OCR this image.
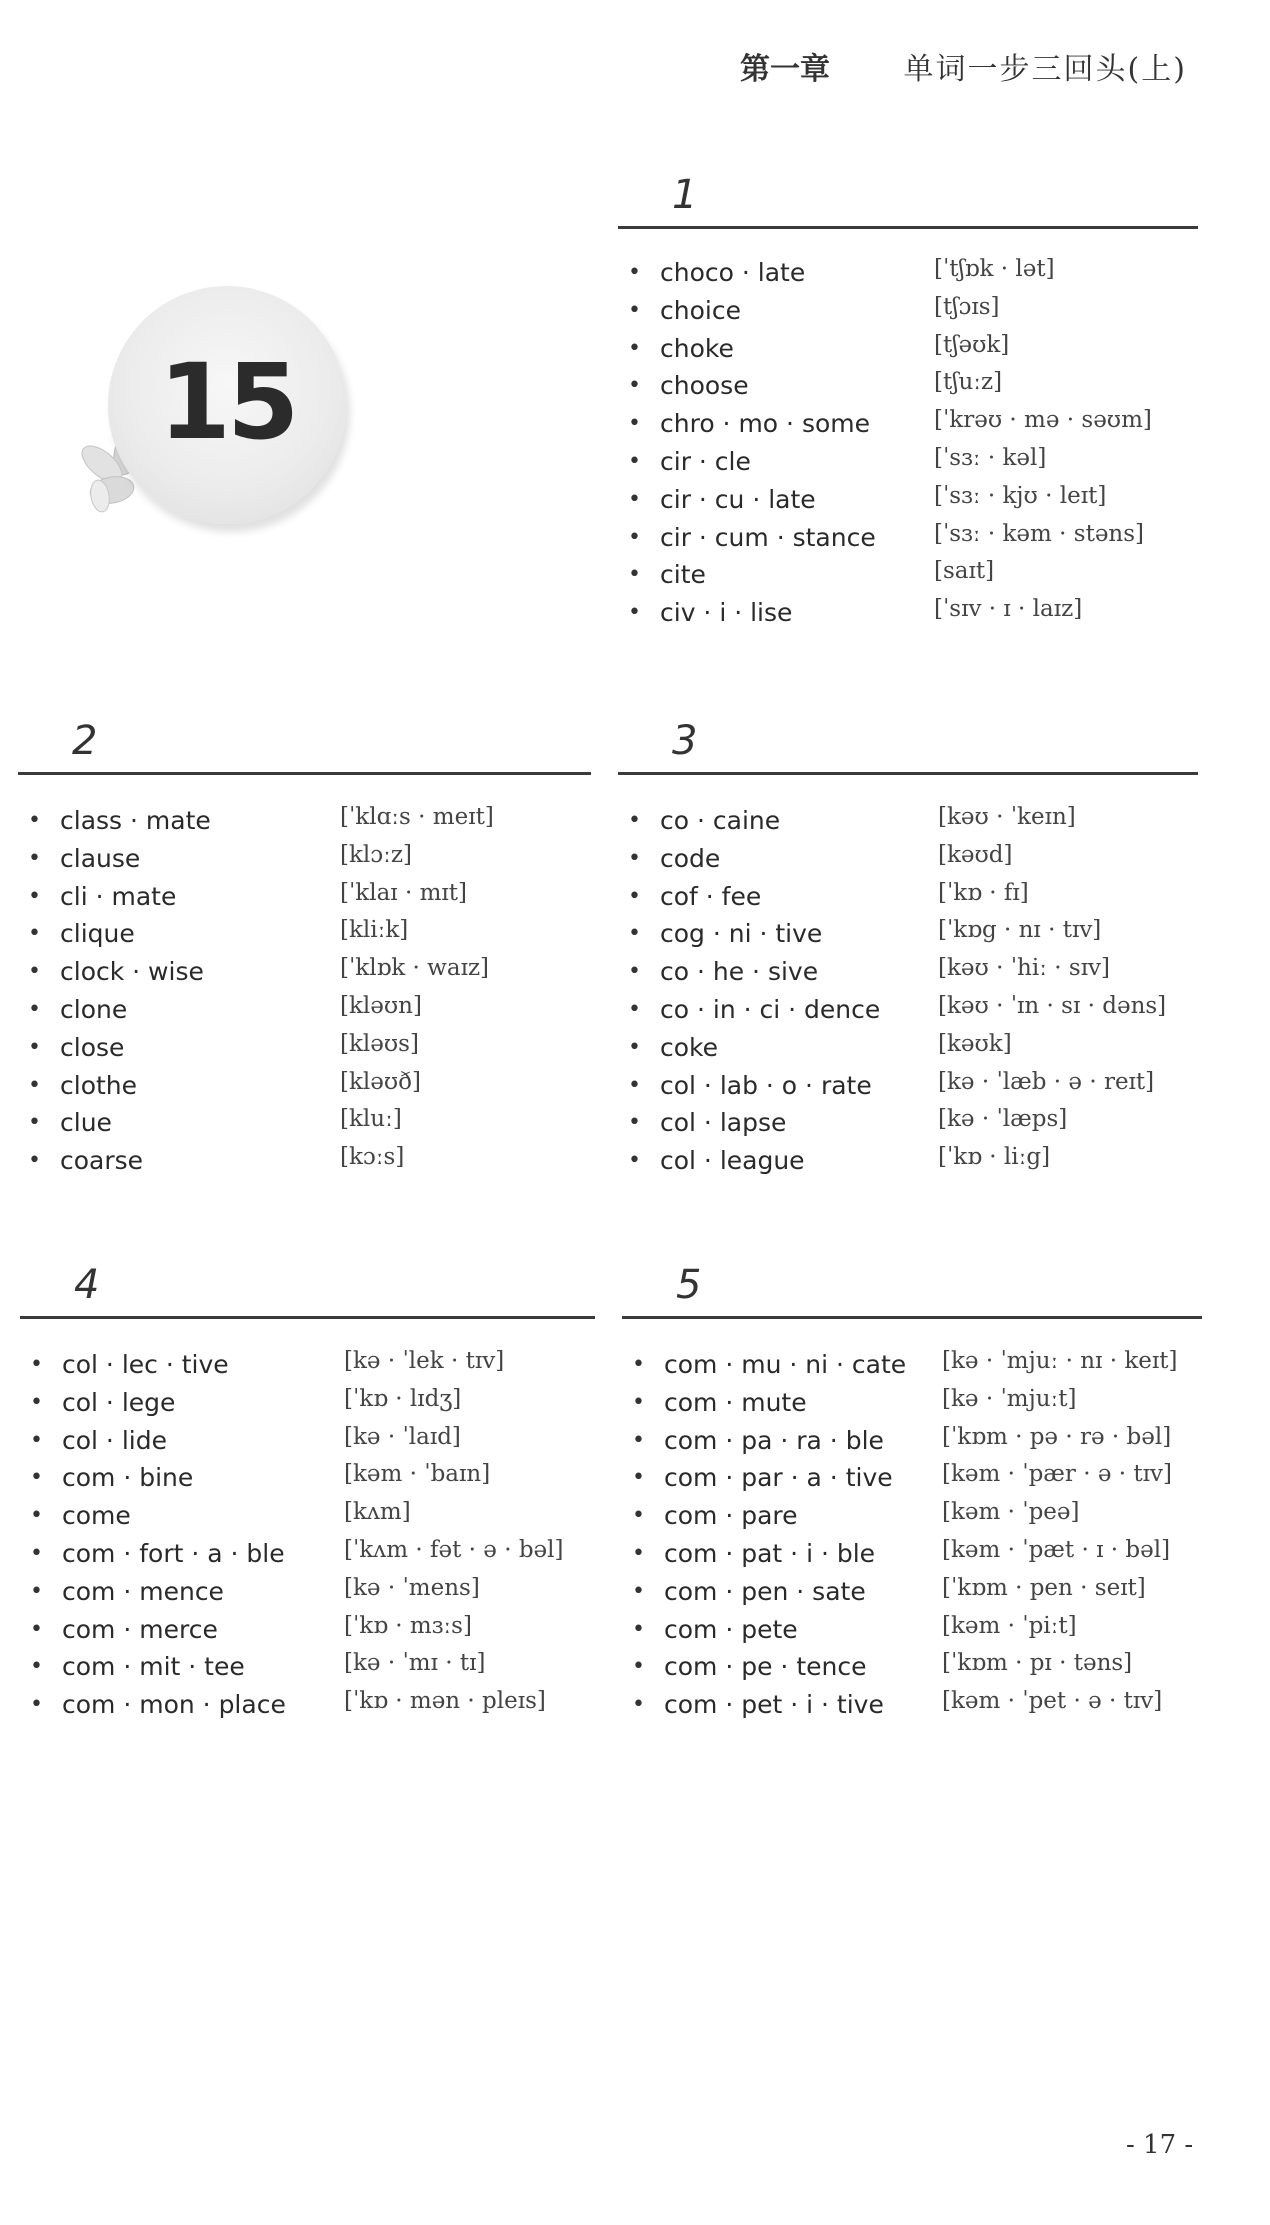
第一章 单词一步三回头(上)
15
1
• choco · late	[ˈtʃɒk · lət]
• choice	[tʃɔɪs]
• choke	[tʃəʊk]
• choose	[tʃuːz]
• chro · mo · some	[ˈkrəʊ · mə · səʊm]
• cir · cle	[ˈsɜː · kəl]
• cir · cu · late	[ˈsɜː · kjʊ · leɪt]
• cir · cum · stance	[ˈsɜː · kəm · stəns]
• cite	[saɪt]
• civ · i · lise	[ˈsɪv · ɪ · laɪz]
2
• class · mate	[ˈklɑːs · meɪt]
• clause	[klɔːz]
• cli · mate	[ˈklaɪ · mɪt]
• clique	[kliːk]
• clock · wise	[ˈklɒk · waɪz]
• clone	[kləʊn]
• close	[kləʊs]
• clothe	[kləʊð]
• clue	[kluː]
• coarse	[kɔːs]
3
• co · caine	[kəʊ · ˈkeɪn]
• code	[kəʊd]
• cof · fee	[ˈkɒ · fɪ]
• cog · ni · tive	[ˈkɒg · nɪ · tɪv]
• co · he · sive	[kəʊ · ˈhiː · sɪv]
• co · in · ci · dence	[kəʊ · ˈɪn · sɪ · dəns]
• coke	[kəʊk]
• col · lab · o · rate	[kə · ˈlæb · ə · reɪt]
• col · lapse	[kə · ˈlæps]
• col · league	[ˈkɒ · liːg]
4
• col · lec · tive	[kə · ˈlek · tɪv]
• col · lege	[ˈkɒ · lɪdʒ]
• col · lide	[kə · ˈlaɪd]
• com · bine	[kəm · ˈbaɪn]
• come	[kʌm]
• com · fort · a · ble	[ˈkʌm · fət · ə · bəl]
• com · mence	[kə · ˈmens]
• com · merce	[ˈkɒ · mɜːs]
• com · mit · tee	[kə · ˈmɪ · tɪ]
• com · mon · place	[ˈkɒ · mən · pleɪs]
5
• com · mu · ni · cate [kə · ˈmjuː · nɪ · keɪt]
• com · mute	[kə · ˈmjuːt]
• com · pa · ra · ble	[ˈkɒm · pə · rə · bəl]
• com · par · a · tive [kəm · ˈpær · ə · tɪv]
• com · pare	[kəm · ˈpeə]
• com · pat · i · ble	[kəm · ˈpæt · ɪ · bəl]
• com · pen · sate	[ˈkɒm · pen · seɪt]
• com · pete	[kəm · ˈpiːt]
• com · pe · tence	[ˈkɒm · pɪ · təns]
• com · pet · i · tive	[kəm · ˈpet · ə · tɪv]
- 17 -
